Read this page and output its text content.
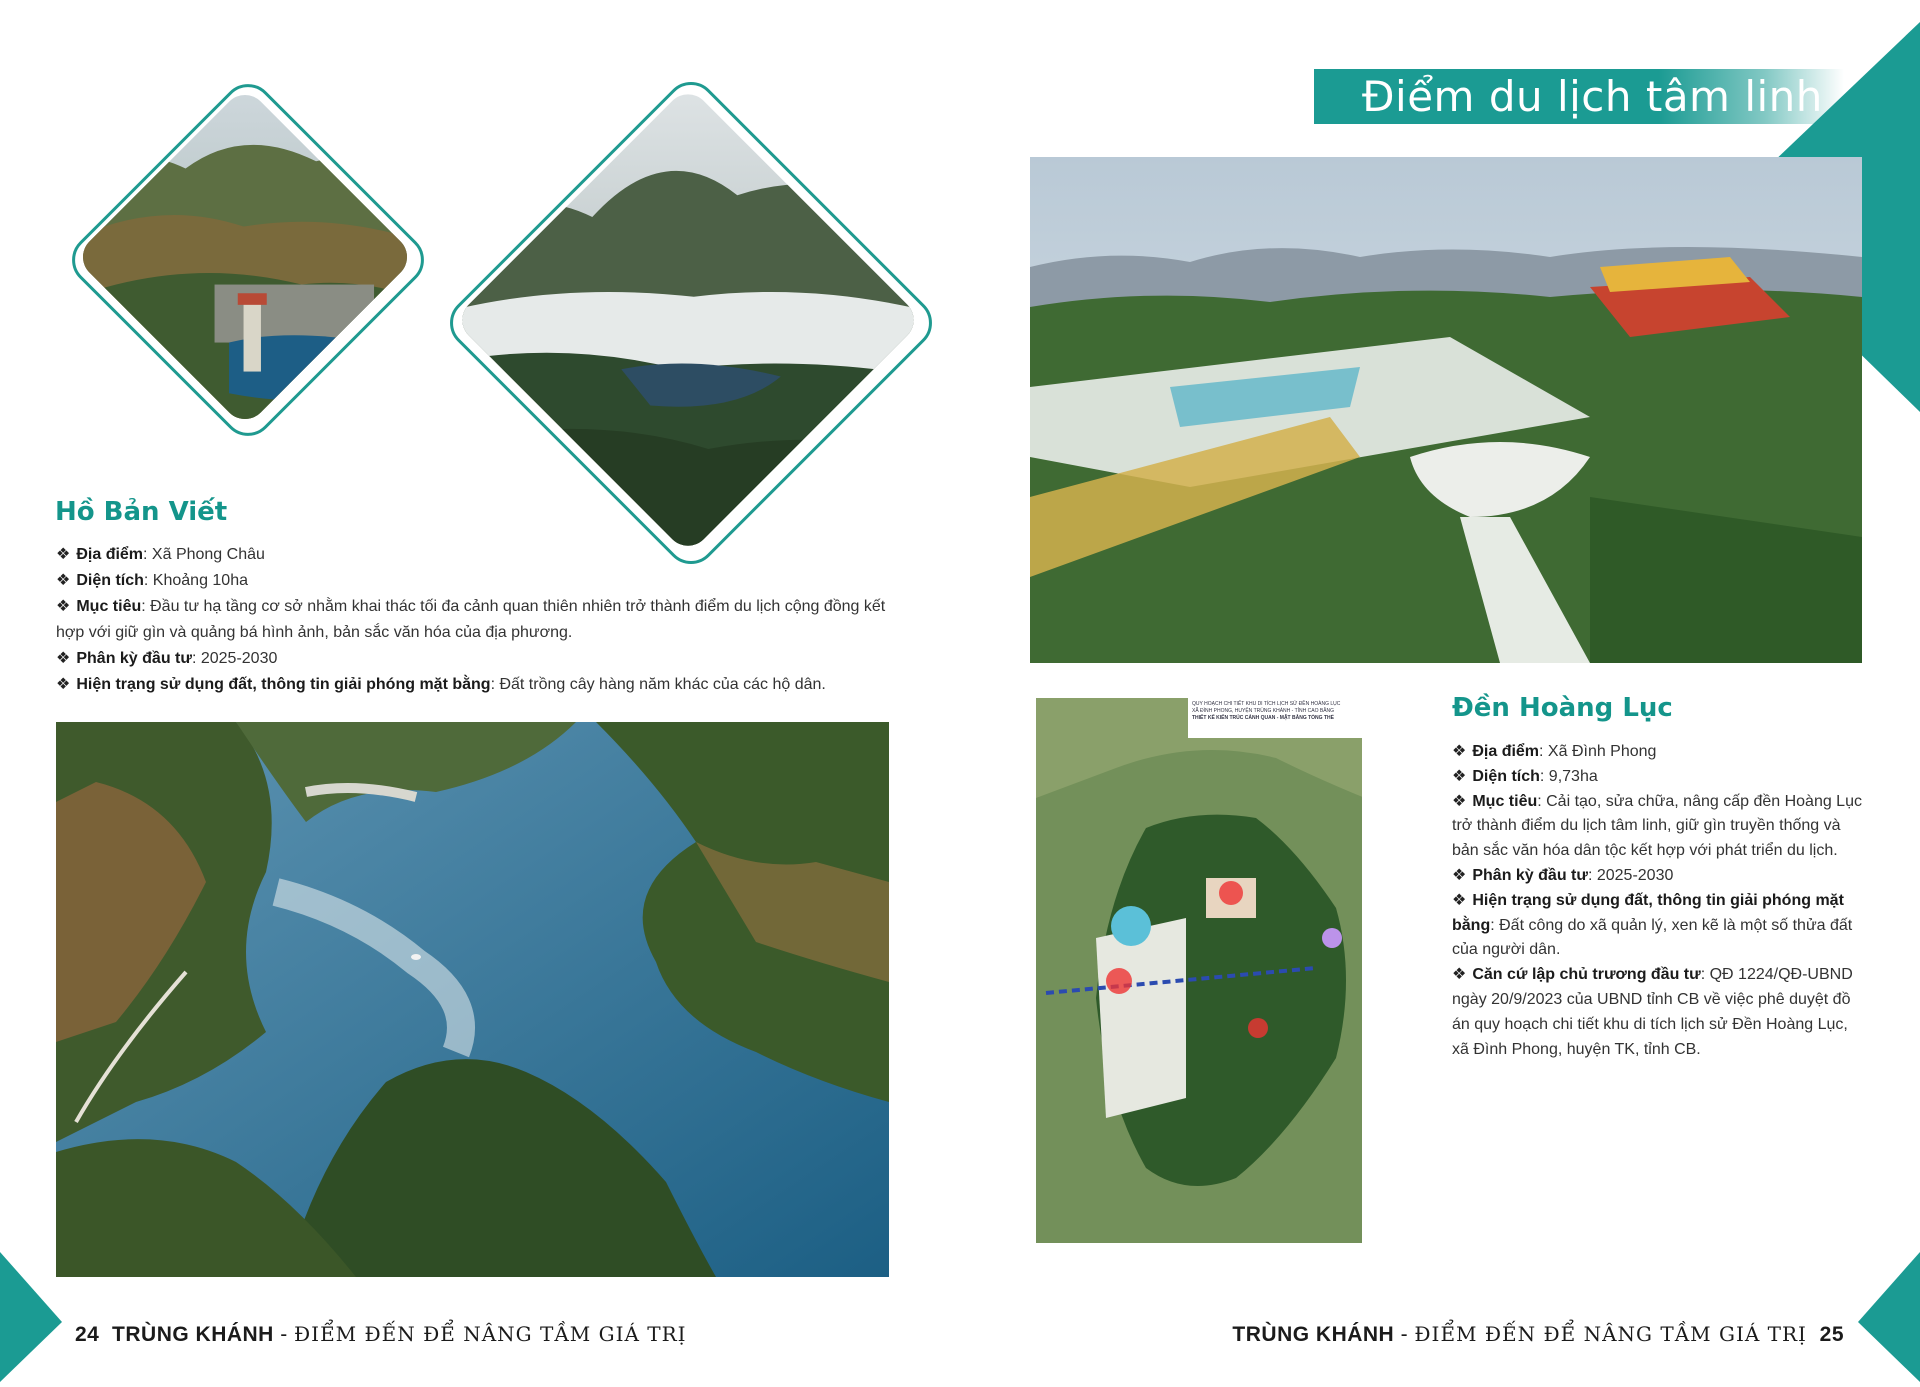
Hồ Bản Viết
❖ Địa điểm: Xã Phong Châu
❖ Diện tích: Khoảng 10ha
❖ Mục tiêu: Đầu tư hạ tầng cơ sở nhằm khai thác tối đa cảnh quan thiên nhiên trở thành điểm du lịch cộng đồng kết hợp với giữ gìn và quảng bá hình ảnh, bản sắc văn hóa của địa phương.
❖ Phân kỳ đầu tư: 2025-2030
❖ Hiện trạng sử dụng đất, thông tin giải phóng mặt bằng: Đất trồng cây hàng năm khác của các hộ dân.
Điểm du lịch tâm linh
QUY HOẠCH CHI TIẾT KHU DI TÍCH LỊCH SỬ ĐỀN HOÀNG LỤC
XÃ ĐÌNH PHONG, HUYỆN TRÙNG KHÁNH - TỈNH CAO BẰNG
THIẾT KẾ KIẾN TRÚC CẢNH QUAN - MẶT BẰNG TỔNG THỂ	Đền Hoàng Lục
❖ Địa điểm: Xã Đình Phong
❖ Diện tích: 9,73ha
❖ Mục tiêu: Cải tạo, sửa chữa, nâng cấp đền Hoàng Lục trở thành điểm du lịch tâm linh, giữ gìn truyền thống và bản sắc văn hóa dân tộc kết hợp với phát triển du lịch.
❖ Phân kỳ đầu tư: 2025-2030
❖ Hiện trạng sử dụng đất, thông tin giải phóng mặt bằng: Đất công do xã quản lý, xen kẽ là một số thửa đất của người dân.
❖ Căn cứ lập chủ trương đầu tư: QĐ 1224/QĐ-UBND ngày 20/9/2023 của UBND tỉnh CB về việc phê duyệt đồ án quy hoạch chi tiết khu di tích lịch sử Đền Hoàng Lục, xã Đình Phong, huyện TK, tỉnh CB.
24 TRÙNG KHÁNH - ĐIỂM ĐẾN ĐỂ NÂNG TẦM GIÁ TRỊ	TRÙNG KHÁNH - ĐIỂM ĐẾN ĐỂ NÂNG TẦM GIÁ TRỊ 25
